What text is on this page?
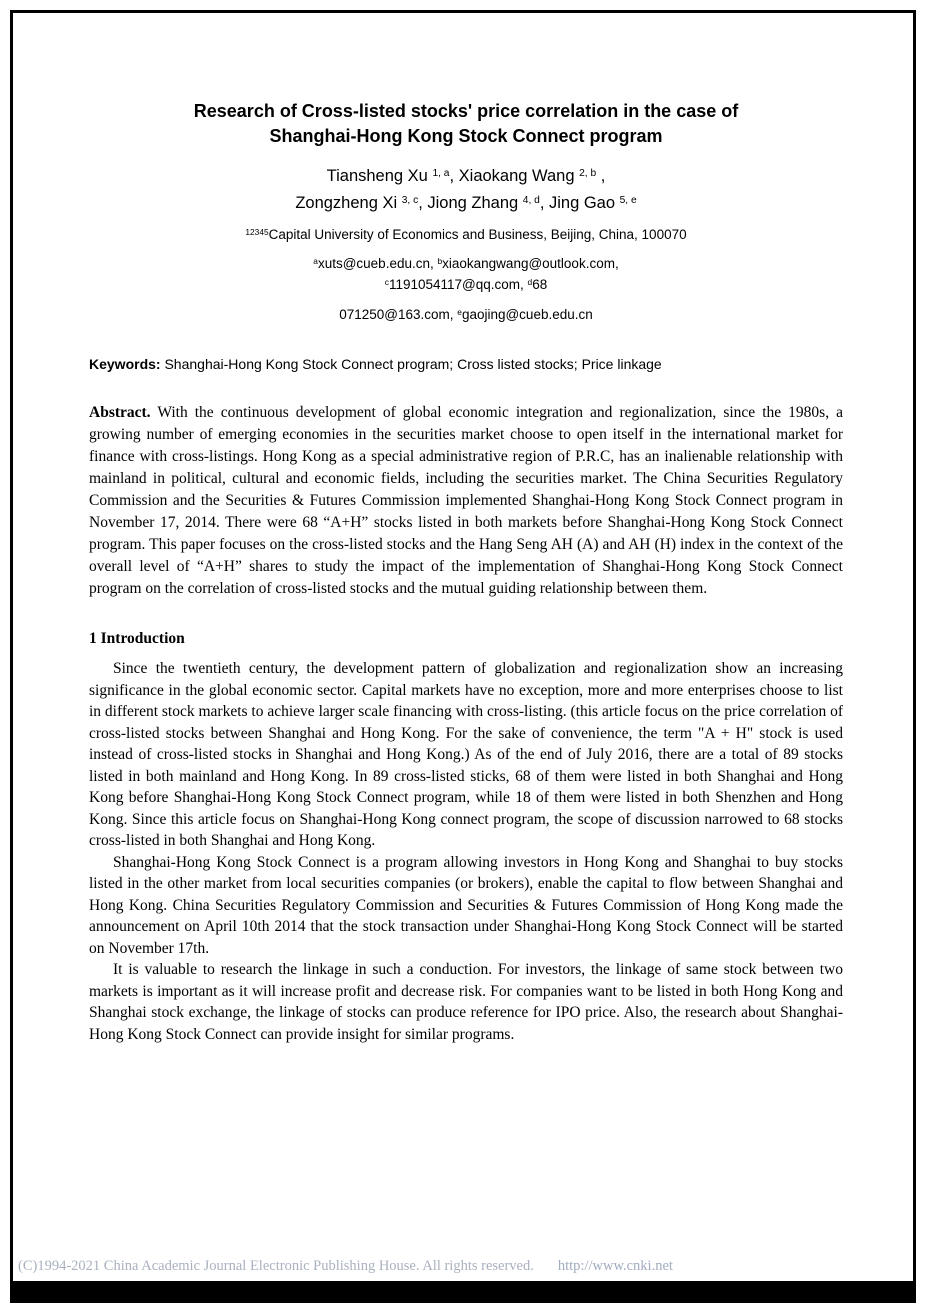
Research of Cross-listed stocks' price correlation in the case of
Shanghai-Hong Kong Stock Connect program
Tiansheng Xu $^{1, a}$, Xiaokang Wang $^{2, b}$ ,
Zongzheng Xi $^{3, c}$, Jiong Zhang $^{4, d}$, Jing Gao $^{5, e}$
$^{12345}$Capital University of Economics and Business, Beijing, China, 100070
$^a$xuts@cueb.edu.cn, $^b$xiaokangwang@outlook.com,
$^c$1191054117@qq.com, $^d$68
071250@163.com, $^e$gaojing@cueb.edu.cn

Keywords: Shanghai-Hong Kong Stock Connect program; Cross listed stocks; Price linkage

Abstract. With the continuous development of global economic integration and regionalization, since the 1980s, a growing number of emerging economies in the securities market choose to open itself in the international market for finance with cross-listings. Hong Kong as a special administrative region of P.R.C, has an inalienable relationship with mainland in political, cultural and economic fields, including the securities market. The China Securities Regulatory Commission and the Securities & Futures Commission implemented Shanghai-Hong Kong Stock Connect program in November 17, 2014. There were 68 “A+H” stocks listed in both markets before Shanghai-Hong Kong Stock Connect program. This paper focuses on the cross-listed stocks and the Hang Seng AH (A) and AH (H) index in the context of the overall level of “A+H” shares to study the impact of the implementation of Shanghai-Hong Kong Stock Connect program on the correlation of cross-listed stocks and the mutual guiding relationship between them.

1 Introduction

Since the twentieth century, the development pattern of globalization and regionalization show an increasing significance in the global economic sector. Capital markets have no exception, more and more enterprises choose to list in different stock markets to achieve larger scale financing with cross-listing. (this article focus on the price correlation of cross-listed stocks between Shanghai and Hong Kong. For the sake of convenience, the term "A + H" stock is used instead of cross-listed stocks in Shanghai and Hong Kong.) As of the end of July 2016, there are a total of 89 stocks listed in both mainland and Hong Kong. In 89 cross-listed sticks, 68 of them were listed in both Shanghai and Hong Kong before Shanghai-Hong Kong Stock Connect program, while 18 of them were listed in both Shenzhen and Hong Kong. Since this article focus on Shanghai-Hong Kong connect program, the scope of discussion narrowed to 68 stocks cross-listed in both Shanghai and Hong Kong.

Shanghai-Hong Kong Stock Connect is a program allowing investors in Hong Kong and Shanghai to buy stocks listed in the other market from local securities companies (or brokers), enable the capital to flow between Shanghai and Hong Kong. China Securities Regulatory Commission and Securities & Futures Commission of Hong Kong made the announcement on April 10th 2014 that the stock transaction under Shanghai-Hong Kong Stock Connect will be started on November 17th.

It is valuable to research the linkage in such a conduction. For investors, the linkage of same stock between two markets is important as it will increase profit and decrease risk. For companies want to be listed in both Hong Kong and Shanghai stock exchange, the linkage of stocks can produce reference for IPO price. Also, the research about Shanghai-Hong Kong Stock Connect can provide insight for similar programs.

(C)1994-2021 China Academic Journal Electronic Publishing House. All rights reserved. http://www.cnki.net
